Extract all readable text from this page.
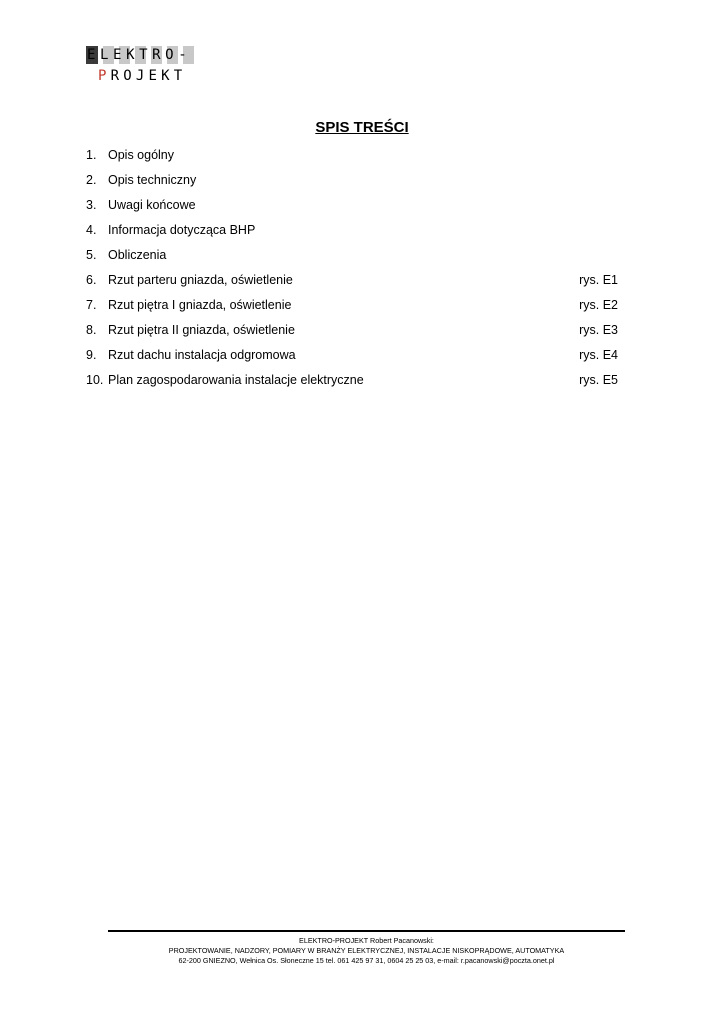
ELEKTRO-
PROJEKT
SPIS TREŚCI
1. Opis ogólny
2. Opis techniczny
3. Uwagi końcowe
4. Informacja dotycząca BHP
5. Obliczenia
6. Rzut parteru gniazda, oświetlenie	rys. E1
7. Rzut piętra I gniazda, oświetlenie	rys. E2
8. Rzut piętra II gniazda, oświetlenie	rys. E3
9. Rzut dachu instalacja odgromowa	rys. E4
10. Plan zagospodarowania instalacje elektryczne	rys. E5
ELEKTRO-PROJEKT Robert Pacanowski:
PROJEKTOWANIE, NADZORY, POMIARY W BRANŻY ELEKTRYCZNEJ, INSTALACJE NISKOPRĄDOWE, AUTOMATYKA
62-200 GNIEZNO, Wełnica Os. Słoneczne 15 tel. 061 425 97 31, 0604 25 25 03, e-mail: r.pacanowski@poczta.onet.pl
